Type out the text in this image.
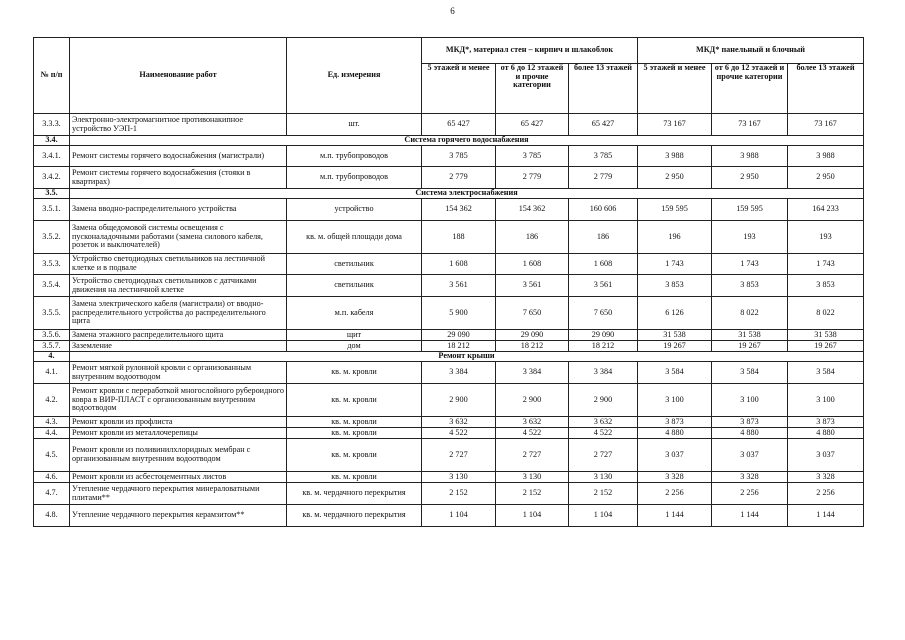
6
№ п/п	Наименование работ	Ед. измерения	МКД*, материал стен – кирпич и шлакоблок			МКД* панельный и блочный		
			5 этажей и менее	от 6 до 12 этажей и прочие категории	более 13 этажей	5 этажей и менее	от 6 до 12 этажей и прочие категории	более 13 этажей
3.3.3.	Электронно-электромагнитное противонакипное устройство УЭП-1	шт.	65 427	65 427	65 427	73 167	73 167	73 167
3.4.	Система горячего водоснабжения							
3.4.1.	Ремонт системы горячего водоснабжения (магистрали)	м.п. трубопроводов	3 785	3 785	3 785	3 988	3 988	3 988
3.4.2.	Ремонт системы горячего водоснабжения (стояки в квартирах)	м.п. трубопроводов	2 779	2 779	2 779	2 950	2 950	2 950
3.5.	Система электроснабжения							
3.5.1.	Замена вводно-распределительного устройства	устройство	154 362	154 362	160 606	159 595	159 595	164 233
3.5.2.	Замена общедомовой системы освещения с пусконаладочными работами (замена силового кабеля, розеток и выключателей)	кв. м. общей площади дома	188	186	186	196	193	193
3.5.3.	Устройство светодиодных светильников на лестничной клетке и в подвале	светильник	1 608	1 608	1 608	1 743	1 743	1 743
3.5.4.	Устройство светодиодных светильников с датчиками движения на лестничной клетке	светильник	3 561	3 561	3 561	3 853	3 853	3 853
3.5.5.	Замена электрического кабеля (магистрали) от вводно-распределительного устройства до распределительного щита	м.п. кабеля	5 900	7 650	7 650	6 126	8 022	8 022
3.5.6.	Замена этажного распределительного щита	щит	29 090	29 090	29 090	31 538	31 538	31 538
3.5.7.	Заземление	дом	18 212	18 212	18 212	19 267	19 267	19 267
4.	Ремонт крыши							
4.1.	Ремонт мягкой рулонной кровли с организованным внутренним водоотводом	кв. м. кровли	3 384	3 384	3 384	3 584	3 584	3 584
4.2.	Ремонт кровли с переработкой многослойного рубероидного ковра в ВИР-ПЛАСТ с организованным внутренним водоотводом	кв. м. кровли	2 900	2 900	2 900	3 100	3 100	3 100
4.3.	Ремонт кровли из профлиста	кв. м. кровли	3 632	3 632	3 632	3 873	3 873	3 873
4.4.	Ремонт кровли из металлочерепицы	кв. м. кровли	4 522	4 522	4 522	4 880	4 880	4 880
4.5.	Ремонт кровли из поливинилхлоридных мембран с организованным внутренним водоотводом	кв. м. кровли	2 727	2 727	2 727	3 037	3 037	3 037
4.6.	Ремонт кровли из асбестоцементных листов	кв. м. кровли	3 130	3 130	3 130	3 328	3 328	3 328
4.7.	Утепление чердачного перекрытия минераловатными плитами**	кв. м. чердачного перекрытия	2 152	2 152	2 152	2 256	2 256	2 256
4.8.	Утепление чердачного перекрытия керамзитом**	кв. м. чердачного перекрытия	1 104	1 104	1 104	1 144	1 144	1 144
